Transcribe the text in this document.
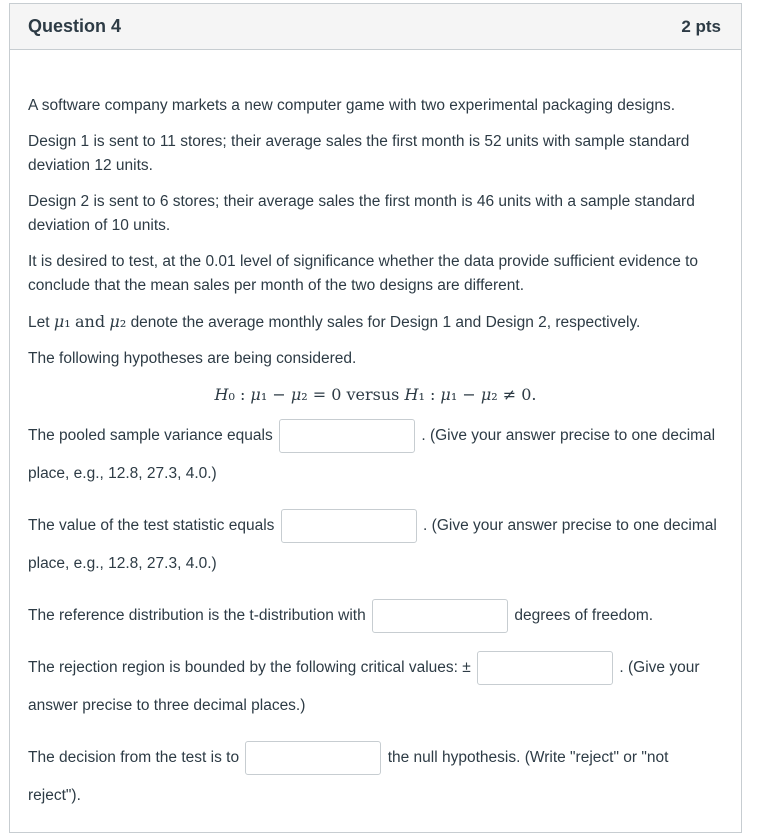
Question 4	2 pts

A software company markets a new computer game with two experimental packaging designs.

Design 1 is sent to 11 stores; their average sales the first month is 52 units with sample standard deviation 12 units.

Design 2 is sent to 6 stores; their average sales the first month is 46 units with a sample standard deviation of 10 units.

It is desired to test, at the 0.01 level of significance whether the data provide sufficient evidence to conclude that the mean sales per month of the two designs are different.

Let μ₁ and μ₂ denote the average monthly sales for Design 1 and Design 2, respectively.

The following hypotheses are being considered.

H₀ : μ₁ − μ₂ = 0 versus H₁ : μ₁ − μ₂ ≠ 0.

The pooled sample variance equals	. (Give your answer precise to one decimal place, e.g., 12.8, 27.3, 4.0.)

The value of the test statistic equals	. (Give your answer precise to one decimal place, e.g., 12.8, 27.3, 4.0.)

The reference distribution is the t-distribution with	degrees of freedom.

The rejection region is bounded by the following critical values: ±	. (Give your answer precise to three decimal places.)

The decision from the test is to	the null hypothesis. (Write "reject" or "not reject").
